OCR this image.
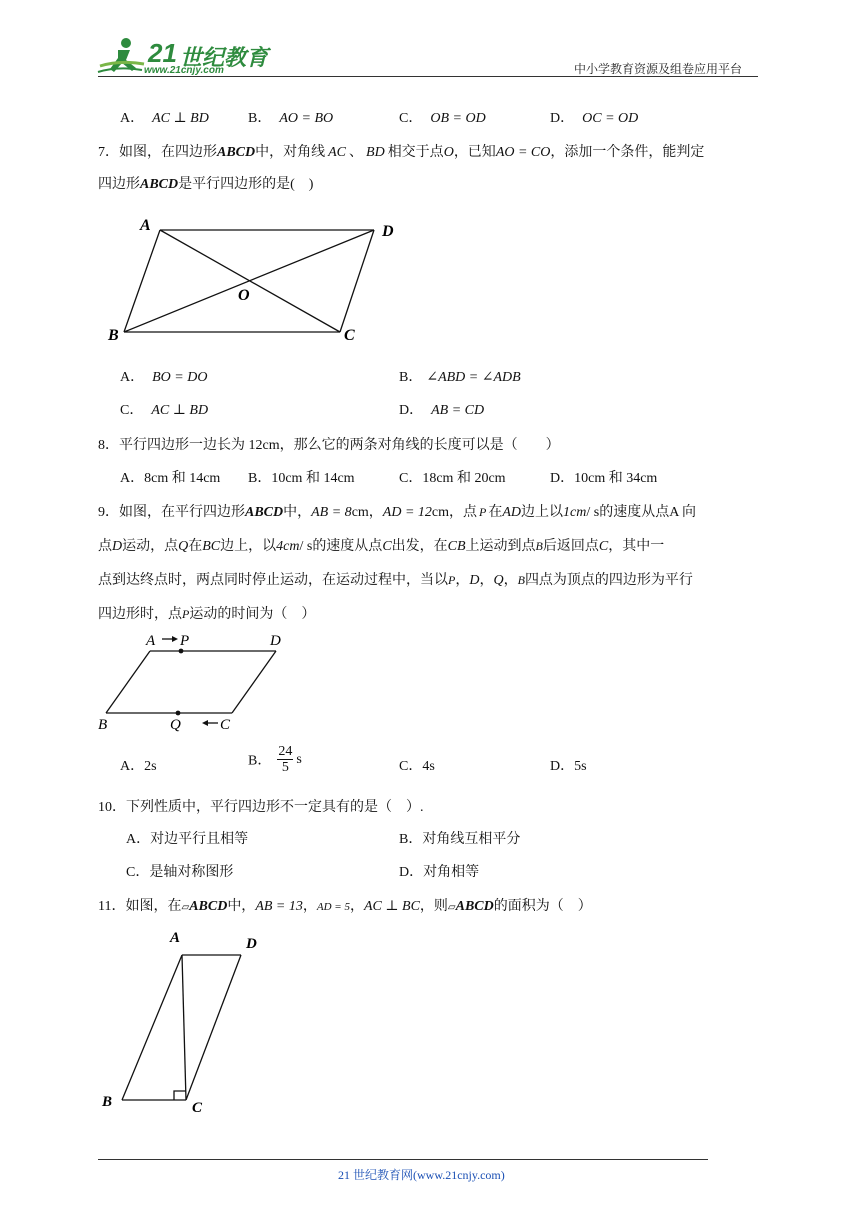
21 世纪教育
www.21cnjy.com	中小学教育资源及组卷应用平台
A． AC ⊥ BD	B． AO = BO	C． OB = OD	D． OC = OD
7．如图，在四边形ABCD中，对角线 AC 、 BD 相交于点O，已知AO = CO，添加一个条件，能判定
四边形ABCD是平行四边形的是(　)
A	D
B	C
O
A． BO = DO	B． ∠ABD = ∠ADB
C． AC ⊥ BD	D． AB = CD
8．平行四边形一边长为 12cm，那么它的两条对角线的长度可以是（　　）
A．8cm 和 14cm B．10cm 和 14cm	C．18cm 和 20cm	D．10cm 和 34cm
9．如图，在平行四边形ABCD中，AB = 8cm，AD = 12cm，点 P 在AD边上以1cm/ s的速度从点A 向
点D运动，点Q在BC边上，以4cm/ s的速度从点C出发，在CB上运动到点B后返回点C，其中一
点到达终点时，两点同时停止运动，在运动过程中，当以P，D，Q，B四点为顶点的四边形为平行
四边形时，点P运动的时间为（　）
A P	D
B	Q	C
A．2s	B． $\frac{24}{5}$ s	C．4s	D．5s
10．下列性质中，平行四边形不一定具有的是（　）.
A．对边平行且相等	B．对角线互相平分
C．是轴对称图形	D．对角相等
11．如图，在▱ABCD中，AB = 13，AD = 5，AC ⊥ BC，则▱ABCD的面积为（　）
A	D
B	C
21 世纪教育网(www.21cnjy.com)
